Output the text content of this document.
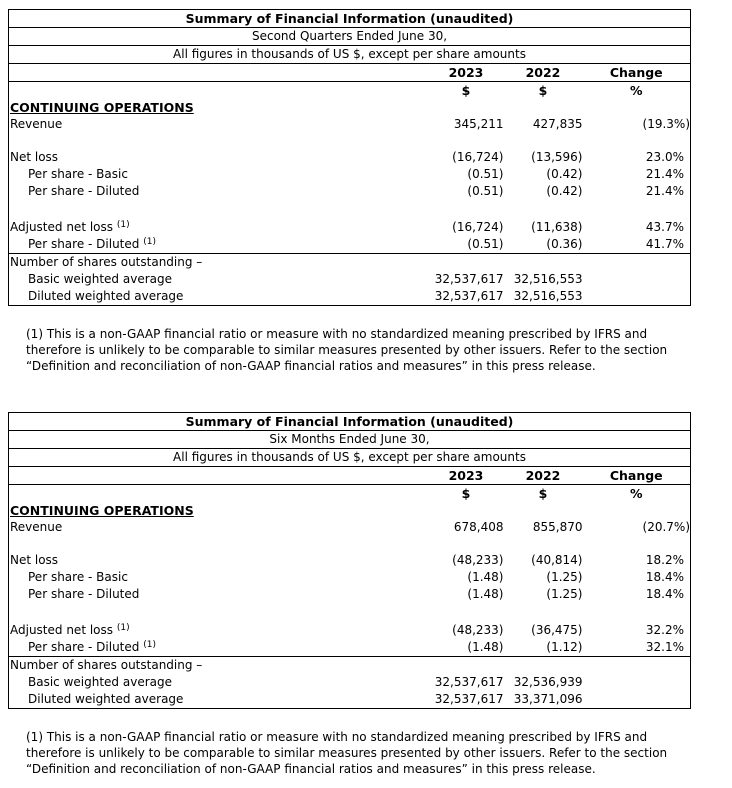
Summary of Financial Information (unaudited)			
Second Quarters Ended June 30,			
All figures in thousands of US $, except per share amounts			
	2023	2022	Change
	$	$	%
CONTINUING OPERATIONS			
Revenue	345,211	427,835	(19.3%)

Net loss	(16,724)	(13,596)	23.0%
Per share - Basic	(0.51)	(0.42)	21.4%
Per share - Diluted	(0.51)	(0.42)	21.4%

Adjusted net loss $^{(1)}$	(16,724)	(11,638)	43.7%
Per share - Diluted $^{(1)}$	(0.51)	(0.36)	41.7%
Number of shares outstanding –			
Basic weighted average	32,537,617	32,516,553	
Diluted weighted average	32,537,617	32,516,553	
(1) This is a non-GAAP financial ratio or measure with no standardized meaning prescribed by IFRS and therefore is unlikely to be comparable to similar measures presented by other issuers. Refer to the section “Definition and reconciliation of non-GAAP financial ratios and measures” in this press release.
Summary of Financial Information (unaudited)			
Six Months Ended June 30,			
All figures in thousands of US $, except per share amounts			
	2023	2022	Change
	$	$	%
CONTINUING OPERATIONS			
Revenue	678,408	855,870	(20.7%)

Net loss	(48,233)	(40,814)	18.2%
Per share - Basic	(1.48)	(1.25)	18.4%
Per share - Diluted	(1.48)	(1.25)	18.4%

Adjusted net loss $^{(1)}$	(48,233)	(36,475)	32.2%
Per share - Diluted $^{(1)}$	(1.48)	(1.12)	32.1%
Number of shares outstanding –			
Basic weighted average	32,537,617	32,536,939	
Diluted weighted average	32,537,617	33,371,096	
(1) This is a non-GAAP financial ratio or measure with no standardized meaning prescribed by IFRS and therefore is unlikely to be comparable to similar measures presented by other issuers. Refer to the section “Definition and reconciliation of non-GAAP financial ratios and measures” in this press release.
